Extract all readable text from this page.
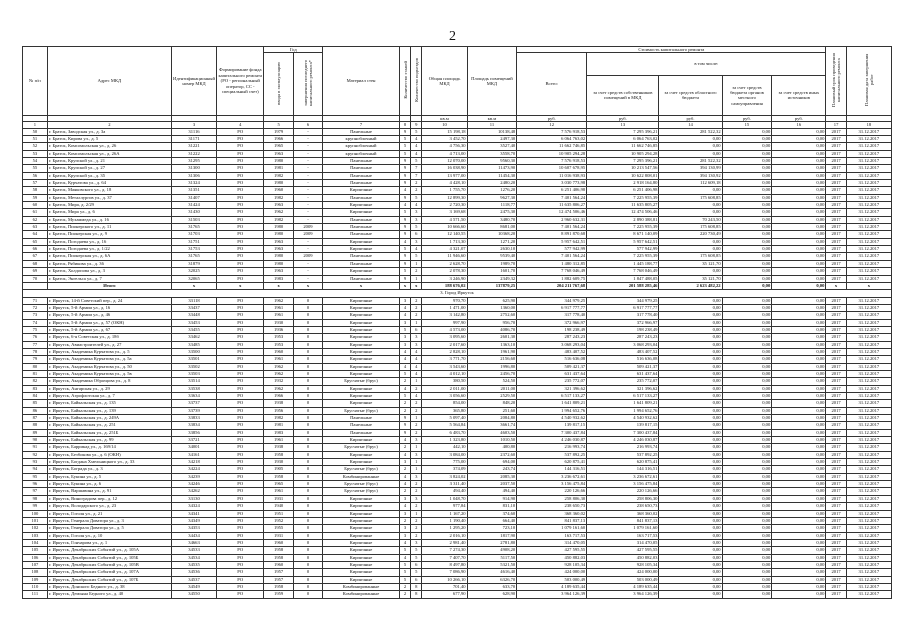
2
№ п/п	Адрес МКД	Идентификационный номер МКД	Формирование фонда капитального ремонта (РО - региональный оператор, СС - специальный счет)	Год		Материал стен	Количество этажей	Количество подъездов	Общая площадь МКД	Площадь помещений МКД	Стоимость капитального ремонта					Плановый срок проведения капитального ремонта	Плановая дата завершения работ
				ввода в эксплуатацию	завершения последнего капитального ремонта*						Всего:	в том числе:					
												за счет средств собственников помещений в МКД	за счет средств областного бюджета	за счет средств бюджета органов местного самоуправления	за счет средств иных источников		
									кв.м	кв.м	руб.	руб.	руб.	руб.	руб.		
1	2	3	4	5	6	7	8	9	10	11	12	13	14	15	16	17	18
50	г. Братск, Заводская ул., д. 3а	31116	РО	1979	-	Панельные	9	5	15 198,18	10138,48	7 576 918,53	7 295 396,21	281 522,32	0,00	0,00	2017	31.12.2017
51	г. Братск, Кирова ул., д. 5	31171	РО	1966	-	крупноблочный	5	4	3 452,70	2497,30	6 064 763,02	6 064 763,02	0,00	0,00	0,00	2017	31.12.2017
52	г. Братск, Комсомольская ул., д. 26	31221	РО	1965	-	крупноблочный	5	4	4 756,30	3527,40	11 662 746,85	11 662 746,85	0,00	0,00	0,00	2017	31.12.2017
53	г. Братск, Комсомольская ул., д. 26А	31222	РО	1963	-	крупноблочный	5	4	4 713,00	3558,70	10 905 294,28	10 905 294,28	0,00	0,00	0,00	2017	31.12.2017
54	г. Братск, Крупской ул., д. 21	31295	РО	1980	-	Панельные	9	5	12 070,00	9560,30	7 576 918,53	7 295 396,21	281 522,32	0,00	0,00	2017	31.12.2017
55	г. Братск, Крупской ул., д. 27	31300	РО	1981	-	Панельные	9	7	16 038,90	11473,90	10 607 678,95	10 213 547,56	394 130,99	0,00	0,00	2017	31.12.2017
56	г. Братск, Крупской ул., д. 35	31306	РО	1982	-	Панельные	9	7	13 977,00	11454,30	11 016 938,93	10 622 808,01	394 130,92	0,00	0,00	2017	31.12.2017
57	г. Братск, Курчатова ул., д. 64	31324	РО	1980	-	Панельные	9	2	4 428,10	2480,20	3 030 773,98	2 918 164,80	112 609,18	0,00	0,00	2017	31.12.2017
58	г. Братск, Маяковского ул., д. 18	31351	РО	1960	-	Кирпичные	4	2	1 755,70	1276,20	6 251 406,98	6 251 406,98	0,00	0,00	0,00	2017	31.12.2017
59	г. Братск, Металлургов ул., д. 37	31407	РО	1982	-	Панельные	9	5	12 899,30	9627,30	7 401 564,24	7 225 955,39	175 608,85	0,00	0,00	2017	31.12.2017
60	г. Братск, Мира, д. 2/29	31424	РО	1963	-	Кирпичные	4	4	2 720,30	1118,77	11 635 806,27	11 635 805,27	0,00	0,00	0,00	2017	31.12.2017
61	г. Братск, Мира ул., д. 6	31430	РО	1962	-	Кирпичные	5	3	3 169,68	2475,30	12 474 506,46	12 474 506,46	0,00	0,00	0,00	2017	31.12.2017
62	г. Братск, Мухаммеда ул., д. 16	31503	РО	1982	-	Панельные	9	3	4 571,50	3480,70	2 960 632,31	2 890 388,81	70 243,50	0,00	0,00	2017	31.12.2017
63	г. Братск, Пионерского ул., д. 11	31765	РО	1980	2009	Панельные	9	5	10 666,60	8681,00	7 401 564,24	7 225 955,39	175 608,85	0,00	0,00	2017	31.12.2017
64	г. Братск, Пионерская ул., д. 9	31703	РО	1980	2009	Панельные	9	6	12 140,55	10368,20	8 891 870,68	8 671 140,09	220 730,49	0,00	0,00	2017	31.12.2017
65	г. Братск, Погодаева ул., д. 16	31751	РО	1963	-	Кирпичные	4	3	1 713,30	1271,20	5 957 642,51	5 957 642,51	0,00	0,00	0,00	2017	31.12.2017
66	г. Братск, Погодаева ул., д. 1/22	31753	РО	1963	-	Кирпичные	5	4	4 321,07	2630,10	577 942,99	577 942,99	0,00	0,00	0,00	2017	31.12.2017
67	г. Братск, Пионерская ул., д. 6А	31765	РО	1980	2009	Панельные	9	5	11 946,60	9539,40	7 401 564,24	7 225 955,39	175 608,85	0,00	0,00	2017	31.12.2017
68	г. Братск, Рябикова ул., д. 36	31879	РО	1980	-	Панельные	9	1	2 628,70	1989,70	1 480 312,85	1 445 188,77	35 121,70	0,00	0,00	2017	31.12.2017
69	г. Братск, Холдопова ул., д. 3	32025	РО	1963	-	Кирпичные	5	2	2 078,30	1601,70	7 768 046,49	7 768 046,49	0,00	0,00	0,00	2017	31.12.2017
70	г. Братск, Энгельса ул., д. 7	32065	РО	1983	-	Панельные	9	1	3 246,90	2349,32	1 882 609,75	1 847 488,05	35 121,70	0,00	0,00	2017	31.12.2017
	Итого	x	x	x	x	x	x	x	188 676,02	137879,25	204 211 767,68	201 588 285,46	2 623 482,22	0,00	0,00	x	x
3. Город Иркутск																	
71	г. Иркутск, 14-й Советский пер., д. 24	33118	РО	1962	0	Кирпичные	3	2	970,70	625,90	344 979,25	344 979,25	0,00	0,00	0,00	2017	31.12.2017
72	г. Иркутск, 5-й Армии ул., д. 16	33437	РО	1961	0	Кирпичные	4	2	1 471,00	1360,00	6 917 777,77	6 917 777,77	0,00	0,00	0,00	2017	31.12.2017
73	г. Иркутск, 5-й Армии ул., д. 46	33448	РО	1961	0	Кирпичные	4	2	3 142,80	2752,60	317 778,40	317 778,40	0,00	0,00	0,00	2017	31.12.2017
74	г. Иркутск, 5-й Армии ул., д. 57 (ОКН)	33453	РО	1930	0	Кирпичные	3	1	997,90	956,70	372 966,97	372 966,97	0,00	0,00	0,00	2017	31.12.2017
75	г. Иркутск, 5-й Армии ул., д. 67	33455	РО	1936	0	Кирпичные	5	6	4 573,00	4086,70	198 238,49	198 238,49	0,00	0,00	0,00	2017	31.12.2017
76	г. Иркутск, 6-я Советская ул., д. 18б	33462	РО	1953	0	Кирпичные	3	3	3 095,60	2601,30	287 243,23	287 243,23	0,00	0,00	0,00	2017	31.12.2017
77	г. Иркутск, Авиастроителей ул., д. 27	33485	РО	1953	0	Кирпичные	3	3	2 017,60	1363,10	3 068 293,04	3 068 293,04	0,00	0,00	0,00	2017	31.12.2017
78	г. Иркутск, Академика Курчатова ул., д. 5	33500	РО	1960	0	Кирпичные	4	4	2 828,10	1961,90	483 407,52	483 407,52	0,00	0,00	0,00	2017	31.12.2017
79	г. Иркутск, Академика Курчатова ул., д. 5а	33501	РО	1961	0	Кирпичные	4	4	3 771,70	2156,60	516 636,08	516 636,08	0,00	0,00	0,00	2017	31.12.2017
80	г. Иркутск, Академика Курчатова ул., д. 50	33502	РО	1962	0	Кирпичные	4	4	3 543,60	1996,80	509 421,37	509 421,37	0,00	0,00	0,00	2017	31.12.2017
81	г. Иркутск, Академика Курчатова ул., д. 5в	33503	РО	1962	0	Кирпичные	5	4	4 012,10	2456,70	631 437,64	631 437,64	0,00	0,00	0,00	2017	31.12.2017
82	г. Иркутск, Академика Образцова ул., д. 8	33514	РО	1932	0	Брусчатые (брус)	2	1	380,50	524,50	235 772,07	235 772,07	0,00	0,00	0,00	2017	31.12.2017
83	г. Иркутск, Ангарская ул., д. 29	33538	РО	1962	0	Кирпичные	4	2	2 011,00	2011,00	321 396,62	321 396,62	0,00	0,00	0,00	2017	31.12.2017
84	г. Иркутск, Аэрофлотская ул., д. 7	33634	РО	1966	0	Кирпичные	5	4	3 056,60	2529,50	6 517 133,27	6 517 133,27	0,00	0,00	0,00	2017	31.12.2017
85	г. Иркутск, Байкальская ул., д. 135	33737	РО	1938	0	Кирпичные	2	2	854,00	848,20	1 641 809,21	1 641 809,21	0,00	0,00	0,00	2017	31.12.2017
86	г. Иркутск, Байкальская ул., д. 139	33739	РО	1956	0	Брусчатые (брус)	2	2	365,80	251,60	1 994 652,76	1 994 652,76	0,00	0,00	0,00	2017	31.12.2017
87	г. Иркутск, Байкальская ул., д. 249А	33833	РО	1982	0	Панельные	9	1	5 097,40	2084,80	4 540 932,62	4 540 932,62	0,00	0,00	0,00	2017	31.12.2017
88	г. Иркутск, Байкальская ул., д. 251	33834	РО	1981	0	Панельные	9	2	5 564,84	3661,74	139 817,15	139 817,15	0,00	0,00	0,00	2017	31.12.2017
89	г. Иркутск, Байкальская ул., д. 251Б	33856	РО	1983	0	Панельные	9	2	6 483,70	4603,50	7 300 437,84	7 300 437,84	0,00	0,00	0,00	2017	31.12.2017
90	г. Иркутск, Байкальская ул., д. 99	33721	РО	1961	0	Кирпичные	4	3	1 323,80	1010,50	4 246 030,87	4 246 030,87	0,00	0,00	0,00	2017	31.12.2017
91	г. Иркутск, Баррикад ул., д. 169/14	34001	РО	1938	0	Брусчатые (брус)	2	1	442,10	400,80	216 993,74	216 993,74	0,00	0,00	0,00	2017	31.12.2017
92	г. Иркутск, Безбокова ул., д. 6 (ОКН)	34161	РО	1958	0	Кирпичные	4	3	3 084,00	2372,60	537 892,25	537 892,25	0,00	0,00	0,00	2017	31.12.2017
93	г. Иркутск, Богдана Хмельницкого ул., д. 33	34218	РО	1930	0	Кирпичные	3	1	775,00	694,00	620 875,41	620 875,41	0,00	0,00	0,00	2017	31.12.2017
94	г. Иркутск, Бограда ул., д. 3	34224	РО	1905	0	Брусчатые (брус)	2	1	374,09	243,74	144 316,51	144 316,51	0,00	0,00	0,00	2017	31.12.2017
95	г. Иркутск, Букина ул., д. 5	34239	РО	1958	0	Комбинированные	4	3	3 824,02	2085,30	3 236 672,61	3 236 672,61	0,00	0,00	0,00	2017	31.12.2017
96	г. Иркутск, Букина ул., д. 6	34246	РО	1965	0	Брусчатые (брус)	4	2	3 311,40	2037,50	3 156 475,84	3 156 475,84	0,00	0,00	0,00	2017	31.12.2017
97	г. Иркутск, Варшавина ул., д. 91	34262	РО	1961	0	Брусчатые (брус)	2	2	494,40	494,40	220 126,66	220 126,66	0,00	0,00	0,00	2017	31.12.2017
98	г. Иркутск, Виноградова пер., д. 12	33130	РО	1931	0	Кирпичные	3	3	1 048,70	914,90	258 806,30	258 806,30	0,00	0,00	0,00	2017	31.12.2017
99	г. Иркутск, Володарского ул., д. 23	34324	РО	1940	0	Кирпичные	4	2	977,84	831,10	238 650,73	238 650,73	0,00	0,00	0,00	2017	31.12.2017
100	г. Иркутск, Гоголя ул., д. 21	34341	РО	1951	0	Кирпичные	3	1	1 167,20	374,60	368 360,02	368 360,02	0,00	0,00	0,00	2017	31.12.2017
101	г. Иркутск, Генерала Доватора ул., д. 3	34349	РО	1952	0	Кирпичные	2	2	1 190,40	664,40	841 837,13	841 837,13	0,00	0,00	0,00	2017	31.12.2017
102	г. Иркутск, Генерала Доватора ул., д. 5	34353	РО	1955	0	Кирпичные	3	2	1 295,20	723,10	1 079 161,60	1 079 161,60	0,00	0,00	0,00	2017	31.12.2017
103	г. Иркутск, Гоголя ул., д. 10	34434	РО	1931	0	Кирпичные	3	2	2 016,10	1817,90	163 717,53	163 717,53	0,00	0,00	0,00	2017	31.12.2017
104	г. Иркутск, Гончарова ул., д. 1	34663	РО	1960	0	Кирпичные	4	3	2 981,40	2781,80	314 470,05	314 470,05	0,00	0,00	0,00	2017	31.12.2017
105	г. Иркутск, Декабрьских Событий ул., д. 105А	34533	РО	1958	0	Кирпичные	5	5	7 274,30	4908,20	427 595,55	427 595,55	0,00	0,00	0,00	2017	31.12.2017
106	г. Иркутск, Декабрьских Событий ул., д. 105Б	34534	РО	1958	0	Кирпичные	4	5	7 407,70	5117,50	450 882,03	450 882,03	0,00	0,00	0,00	2017	31.12.2017
107	г. Иркутск, Декабрьских Событий ул., д. 105В	34535	РО	1960	0	Кирпичные	5	6	8 497,80	5321,50	928 105,34	928 105,34	0,00	0,00	0,00	2017	31.12.2017
108	г. Иркутск, Декабрьских Событий ул., д. 107А	34536	РО	1957	0	Кирпичные	5	5	7 086,90	4616,40	424 000,00	424 000,00	0,00	0,00	0,00	2017	31.12.2017
109	г. Иркутск, Декабрьских Событий ул., д. 107Б	34537	РО	1957	0	Кирпичные	5	6	10 266,10	6326,70	503 000,49	503 000,49	0,00	0,00	0,00	2017	31.12.2017
110	г. Иркутск, Донского Бедного ул., д. 38	34549	РО	1958	0	Комбинированные	2	8	701,40	633,70	4 189 635,44	4 189 635,44	0,00	0,00	0,00	2017	31.12.2017
111	г. Иркутск, Демьяна Бедного ул., д. 40	34550	РО	1959	0	Комбинированные	2	8	677,90	628,90	3 964 126,39	3 964 126,39	0,00	0,00	0,00	2017	31.12.2017
